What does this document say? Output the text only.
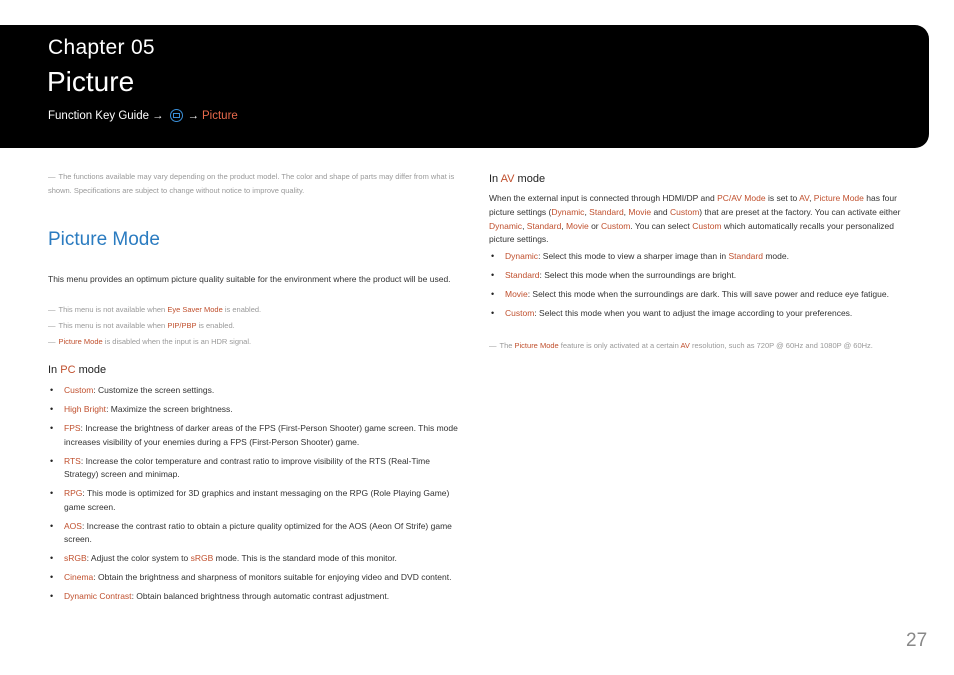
Chapter 05
Picture
Function Key Guide → → Picture
― The functions available may vary depending on the product model. The color and shape of parts may differ from what is shown. Specifications are subject to change without notice to improve quality.
Picture Mode
This menu provides an optimum picture quality suitable for the environment where the product will be used.
― This menu is not available when Eye Saver Mode is enabled.
― This menu is not available when PIP/PBP is enabled.
― Picture Mode is disabled when the input is an HDR signal.
In PC mode
• Custom: Customize the screen settings.
• High Bright: Maximize the screen brightness.
• FPS: Increase the brightness of darker areas of the FPS (First-Person Shooter) game screen. This mode increases visibility of your enemies during a FPS (First-Person Shooter) game.
• RTS: Increase the color temperature and contrast ratio to improve visibility of the RTS (Real-Time Strategy) screen and minimap.
• RPG: This mode is optimized for 3D graphics and instant messaging on the RPG (Role Playing Game) game screen.
• AOS: Increase the contrast ratio to obtain a picture quality optimized for the AOS (Aeon Of Strife) game screen.
• sRGB: Adjust the color system to sRGB mode. This is the standard mode of this monitor.
• Cinema: Obtain the brightness and sharpness of monitors suitable for enjoying video and DVD content.
• Dynamic Contrast: Obtain balanced brightness through automatic contrast adjustment.
In AV mode
When the external input is connected through HDMI/DP and PC/AV Mode is set to AV, Picture Mode has four picture settings (Dynamic, Standard, Movie and Custom) that are preset at the factory. You can activate either Dynamic, Standard, Movie or Custom. You can select Custom which automatically recalls your personalized picture settings.
• Dynamic: Select this mode to view a sharper image than in Standard mode.
• Standard: Select this mode when the surroundings are bright.
• Movie: Select this mode when the surroundings are dark. This will save power and reduce eye fatigue.
• Custom: Select this mode when you want to adjust the image according to your preferences.
― The Picture Mode feature is only activated at a certain AV resolution, such as 720P @ 60Hz and 1080P @ 60Hz.
27
